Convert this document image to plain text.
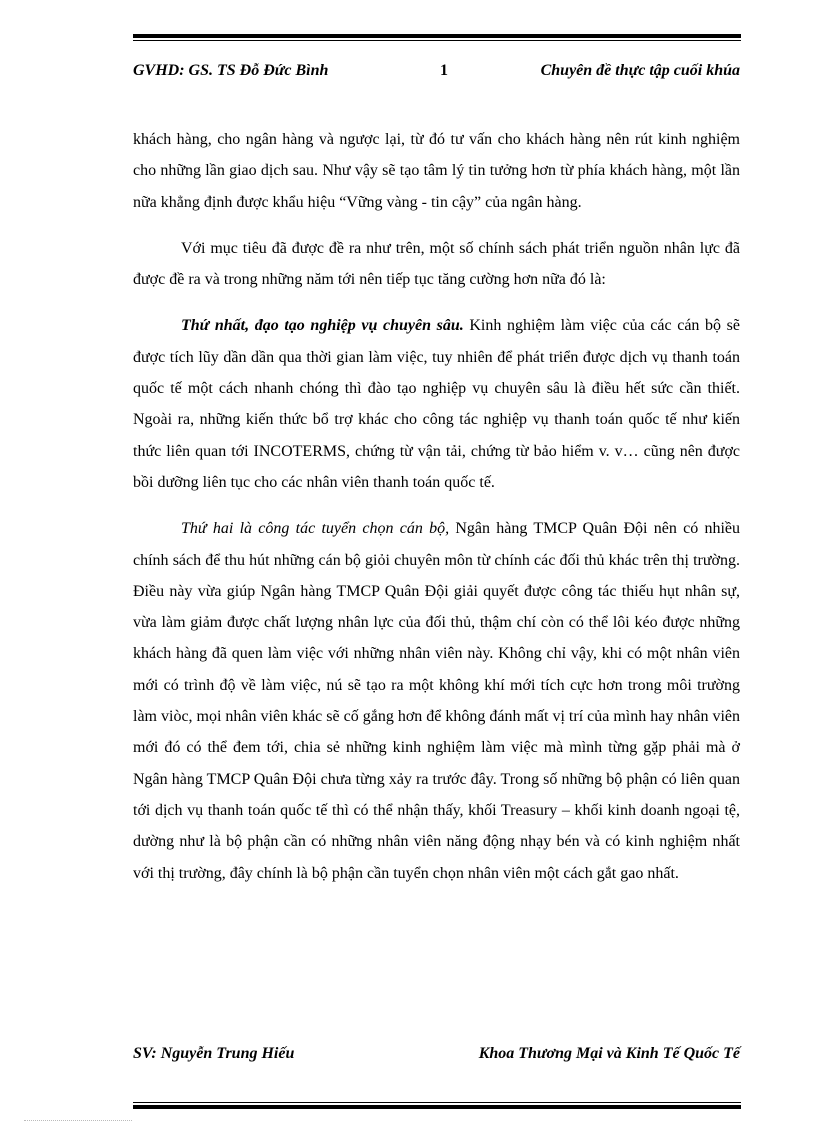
GVHD: GS. TS Đỗ Đức Bình	1	Chuyên đề thực tập cuối khúa

khách hàng, cho ngân hàng và ngược lại, từ đó tư vấn cho khách hàng nên rút kinh nghiệm cho những lần giao dịch sau. Như vậy sẽ tạo tâm lý tin tưởng hơn từ phía khách hàng, một lần nữa khẳng định được khẩu hiệu “Vững vàng - tin cậy” của ngân hàng.

Với mục tiêu đã được đề ra như trên, một số chính sách phát triển nguồn nhân lực đã được đề ra và trong những năm tới nên tiếp tục tăng cường hơn nữa đó là:

Thứ nhất, đạo tạo nghiệp vụ chuyên sâu. Kinh nghiệm làm việc của các cán bộ sẽ được tích lũy dần dần qua thời gian làm việc, tuy nhiên để phát triển được dịch vụ thanh toán quốc tế một cách nhanh chóng thì đào tạo nghiệp vụ chuyên sâu là điều hết sức cần thiết. Ngoài ra, những kiến thức bổ trợ khác cho công tác nghiệp vụ thanh toán quốc tế như kiến thức liên quan tới INCOTERMS, chứng từ vận tải, chứng từ bảo hiểm v. v… cũng nên được bồi dưỡng liên tục cho các nhân viên thanh toán quốc tế.

Thứ hai là công tác tuyển chọn cán bộ, Ngân hàng TMCP Quân Đội nên có nhiều chính sách để thu hút những cán bộ giỏi chuyên môn từ chính các đối thủ khác trên thị trường. Điều này vừa giúp Ngân hàng TMCP Quân Đội giải quyết được công tác thiếu hụt nhân sự, vừa làm giảm được chất lượng nhân lực của đối thủ, thậm chí còn có thể lôi kéo được những khách hàng đã quen làm việc với những nhân viên này. Không chỉ vậy, khi có một nhân viên mới có trình độ về làm việc, nú sẽ tạo ra một không khí mới tích cực hơn trong môi trường làm viòc, mọi nhân viên khác sẽ cố gắng hơn để không đánh mất vị trí của mình hay nhân viên mới đó có thể đem tới, chia sẻ những kinh nghiệm làm việc mà mình từng gặp phải mà ở Ngân hàng TMCP Quân Đội chưa từng xảy ra trước đây. Trong số những bộ phận có liên quan tới dịch vụ thanh toán quốc tế thì có thể nhận thấy, khối Treasury – khối kinh doanh ngoại tệ, dường như là bộ phận cần có những nhân viên năng động nhạy bén và có kinh nghiệm nhất với thị trường, đây chính là bộ phận cần tuyển chọn nhân viên một cách gắt gao nhất.

SV: Nguyễn Trung Hiếu	Khoa Thương Mại và Kinh Tế Quốc Tế
